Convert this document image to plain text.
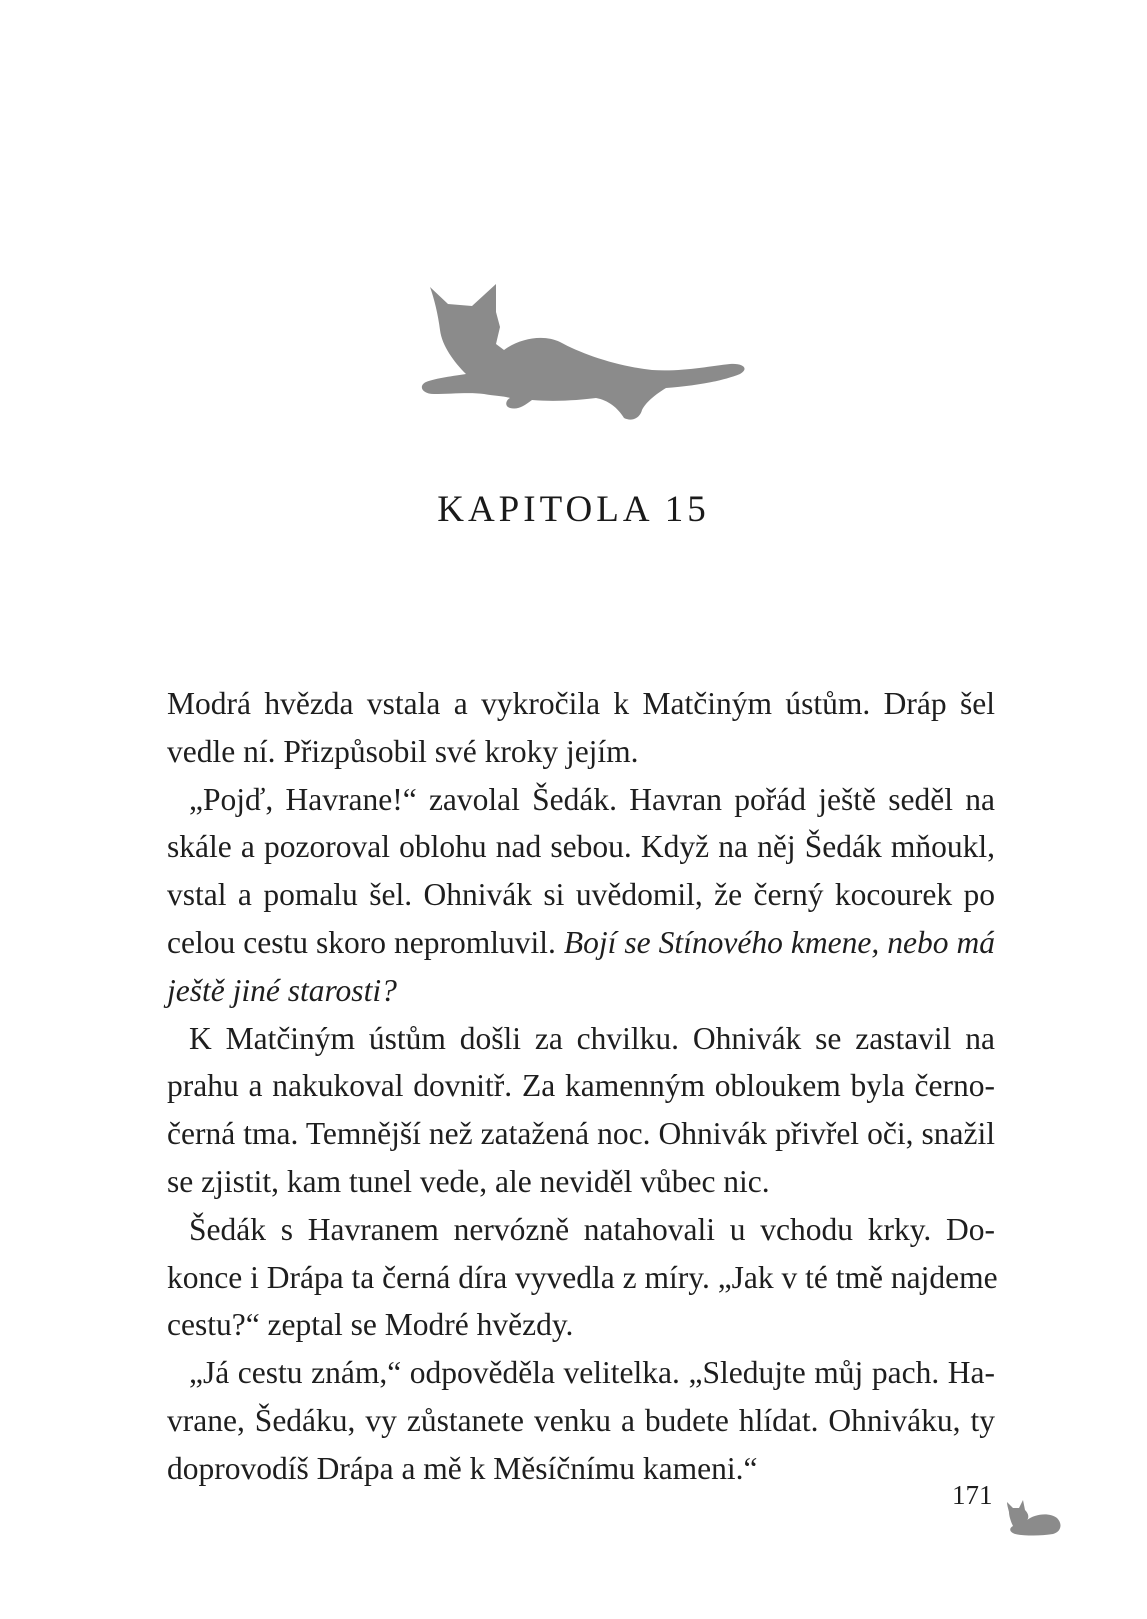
KAPITOLA 15
Modrá hvězda vstala a vykročila k Matčiným ústům. Dráp šel
vedle ní. Přizpůsobil své kroky jejím.
„Pojď, Havrane!“ zavolal Šedák. Havran pořád ještě seděl na
skále a pozoroval oblohu nad sebou. Když na něj Šedák mňoukl,
vstal a pomalu šel. Ohnivák si uvědomil, že černý kocourek po
celou cestu skoro nepromluvil. Bojí se Stínového kmene, nebo má
ještě jiné starosti?
K Matčiným ústům došli za chvilku. Ohnivák se zastavil na
prahu a nakukoval dovnitř. Za kamenným obloukem byla černo-
černá tma. Temnější než zatažená noc. Ohnivák přivřel oči, snažil
se zjistit, kam tunel vede, ale neviděl vůbec nic.
Šedák s Havranem nervózně natahovali u vchodu krky. Do-
konce i Drápa ta černá díra vyvedla z míry. „Jak v té tmě najdeme
cestu?“ zeptal se Modré hvězdy.
„Já cestu znám,“ odpověděla velitelka. „Sledujte můj pach. Ha-
vrane, Šedáku, vy zůstanete venku a budete hlídat. Ohniváku, ty
doprovodíš Drápa a mě k Měsíčnímu kameni.“
171
